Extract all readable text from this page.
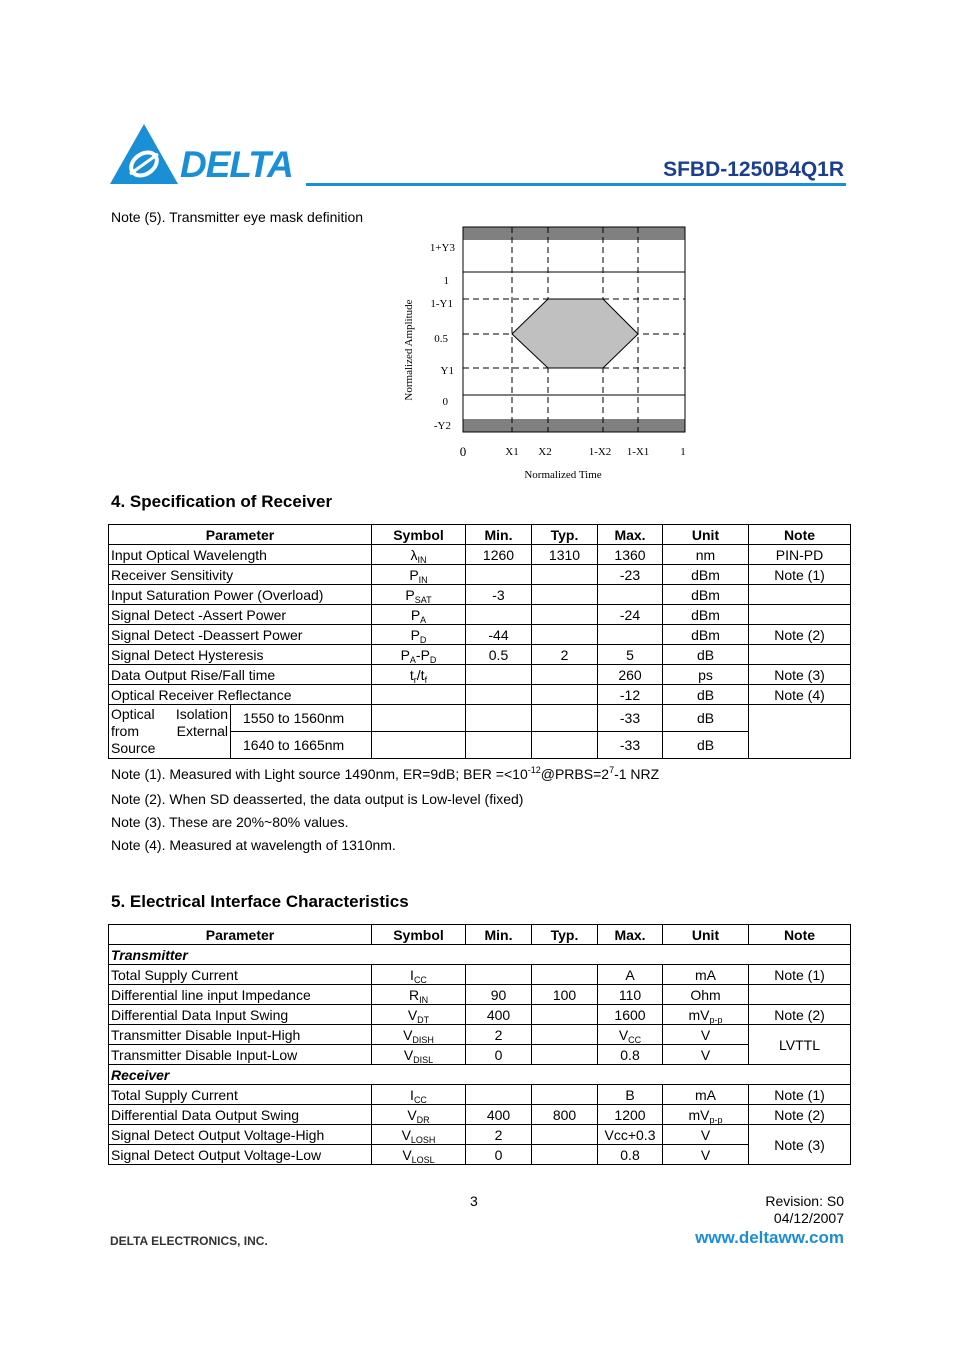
DELTA	SFBD-1250B4Q1R
Note (5). Transmitter eye mask definition
1+Y3
1
1-Y1
0.5
Y1
0
-Y2
0	X1 X2	1-X2 1-X1	1
Normalized Time
Normalized Amplitude
4. Specification of Receiver
Parameter		Symbol	Min.	Typ.	Max.	Unit	Note
Input Optical Wavelength		$\lambda_{IN}$	1260	1310	1360	nm	PIN-PD
Receiver Sensitivity		$P_{IN}$			-23	dBm	Note (1)
Input Saturation Power (Overload)		$P_{SAT}$	-3			dBm	
Signal Detect -Assert Power		$P_A$			-24	dBm	
Signal Detect -Deassert Power		$P_D$	-44			dBm	Note (2)
Signal Detect Hysteresis		$P_A-P_D$	0.5	2	5	dB	
Data Output Rise/Fall time		$t_r/t_f$			260	ps	Note (3)
Optical Receiver Reflectance					-12	dB	Note (4)
Optical Isolation from External Source	1550 to 1560nm				-33	dB	
	1640 to 1665nm				-33	dB	
Note (1). Measured with Light source 1490nm, ER=9dB; BER $=<10^{-12}@PRBS=2^7-1$ NRZ
Note (2). When SD deasserted, the data output is Low-level (fixed)
Note (3). These are 20%~80% values.
Note (4). Measured at wavelength of 1310nm.
5. Electrical Interface Characteristics
Parameter	Symbol	Min.	Typ.	Max.	Unit	Note
Transmitter						
Total Supply Current	$I_{CC}$			A	mA	Note (1)
Differential line input Impedance	$R_{IN}$	90	100	110	Ohm	
Differential Data Input Swing	$V_{DT}$	400		1600	$mV_{p-p}$	Note (2)
Transmitter Disable Input-High	$V_{DISH}$	2		$V_{CC}$	V	LVTTL
Transmitter Disable Input-Low	$V_{DISL}$	0		0.8	V	
Receiver						
Total Supply Current	$I_{CC}$			B	mA	Note (1)
Differential Data Output Swing	$V_{DR}$	400	800	1200	$mV_{p-p}$	Note (2)
Signal Detect Output Voltage-High	$V_{LOSH}$	2		Vcc+0.3	V	Note (3)
Signal Detect Output Voltage-Low	$V_{LOSL}$	0		0.8	V	
3	Revision: S0
04/12/2007
DELTA ELECTRONICS, INC.	www.deltaww.com
